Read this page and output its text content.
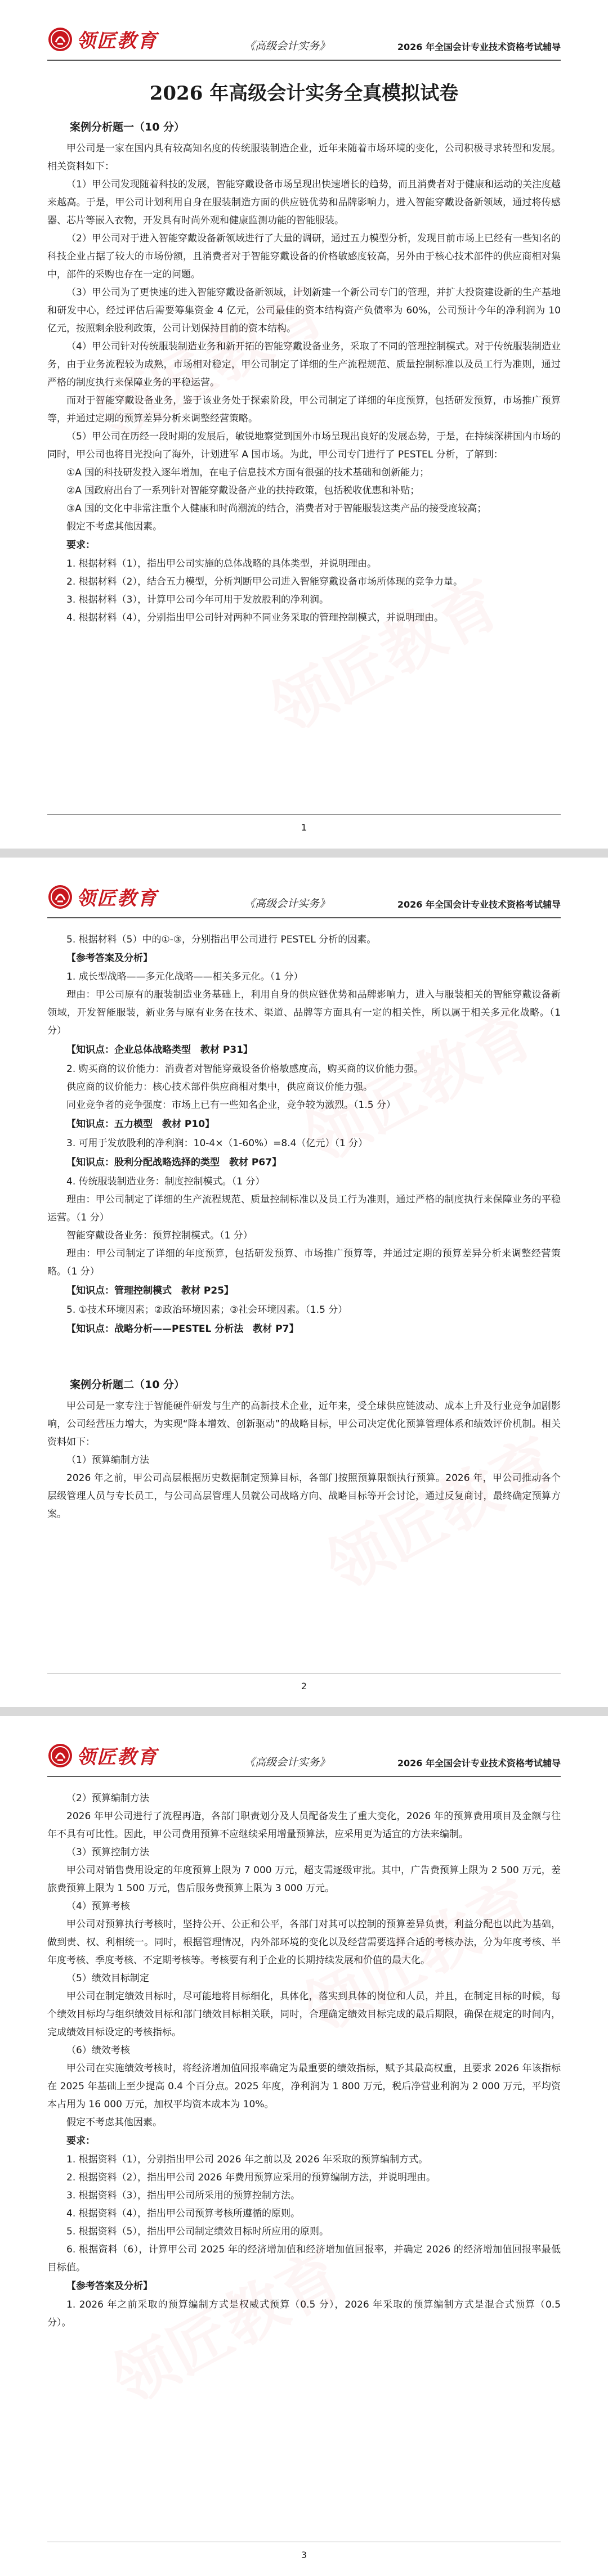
领匠教育	《高级会计实务》	2026 年全国会计专业技术资格考试辅导
2026 年高级会计实务全真模拟试卷
案例分析题一（10 分）

甲公司是一家在国内具有较高知名度的传统服装制造企业，近年来随着市场环境的变化，公司积极寻求转型和发展。相关资料如下：

（1）甲公司发现随着科技的发展，智能穿戴设备市场呈现出快速增长的趋势，而且消费者对于健康和运动的关注度越来越高。于是，甲公司计划利用自身在服装制造方面的供应链优势和品牌影响力，进入智能穿戴设备新领域，通过将传感器、芯片等嵌入衣物，开发具有时尚外观和健康监测功能的智能服装。

（2）甲公司对于进入智能穿戴设备新领域进行了大量的调研，通过五力模型分析，发现目前市场上已经有一些知名的科技企业占据了较大的市场份额，且消费者对于智能穿戴设备的价格敏感度较高，另外由于核心技术部件的供应商相对集中，部件的采购也存在一定的问题。

（3）甲公司为了更快速的进入智能穿戴设备新领域，计划新建一个新公司专门的管理，并扩大投资建设新的生产基地和研发中心，经过评估后需要筹集资金 4 亿元，公司最佳的资本结构资产负债率为 60%，公司预计今年的净利润为 10 亿元，按照剩余股利政策，公司计划保持目前的资本结构。

（4）甲公司针对传统服装制造业务和新开拓的智能穿戴设备业务，采取了不同的管理控制模式。对于传统服装制造业务，由于业务流程较为成熟，市场相对稳定，甲公司制定了详细的生产流程规范、质量控制标准以及员工行为准则，通过严格的制度执行来保障业务的平稳运营。

而对于智能穿戴设备业务，鉴于该业务处于探索阶段，甲公司制定了详细的年度预算，包括研发预算，市场推广预算等，并通过定期的预算差异分析来调整经营策略。

（5）甲公司在历经一段时期的发展后，敏锐地察觉到国外市场呈现出良好的发展态势，于是，在持续深耕国内市场的同时，甲公司也将目光投向了海外，计划进军 A 国市场。为此，甲公司专门进行了 PESTEL 分析，了解到：

①A 国的科技研发投入逐年增加，在电子信息技术方面有很强的技术基础和创新能力；

②A 国政府出台了一系列针对智能穿戴设备产业的扶持政策，包括税收优惠和补贴；

③A 国的文化中非常注重个人健康和时尚潮流的结合，消费者对于智能服装这类产品的接受度较高；

假定不考虑其他因素。

要求：

1. 根据材料（1），指出甲公司实施的总体战略的具体类型，并说明理由。

2. 根据材料（2），结合五力模型，分析判断甲公司进入智能穿戴设备市场所体现的竞争力量。

3. 根据材料（3），计算甲公司今年可用于发放股利的净利润。

4. 根据材料（4），分别指出甲公司针对两种不同业务采取的管理控制模式，并说明理由。

1
领匠教育	《高级会计实务》	2026 年全国会计专业技术资格考试辅导

5. 根据材料（5）中的①-③，分别指出甲公司进行 PESTEL 分析的因素。

【参考答案及分析】

1. 成长型战略——多元化战略——相关多元化。（1 分）

理由：甲公司原有的服装制造业务基础上，利用自身的供应链优势和品牌影响力，进入与服装相关的智能穿戴设备新领域，开发智能服装，新业务与原有业务在技术、渠道、品牌等方面具有一定的相关性，所以属于相关多元化战略。（1 分）

【知识点：企业总体战略类型　教材 P31】

2. 购买商的议价能力：消费者对智能穿戴设备价格敏感度高，购买商的议价能力强。

供应商的议价能力：核心技术部件供应商相对集中，供应商议价能力强。

同业竞争者的竞争强度：市场上已有一些知名企业，竞争较为激烈。（1.5 分）

【知识点：五力模型　教材 P10】

3. 可用于发放股利的净利润：10-4×（1-60%）=8.4（亿元）（1 分）

【知识点：股利分配战略选择的类型　教材 P67】

4. 传统服装制造业务：制度控制模式。（1 分）

理由：甲公司制定了详细的生产流程规范、质量控制标准以及员工行为准则，通过严格的制度执行来保障业务的平稳运营。（1 分）

智能穿戴设备业务：预算控制模式。（1 分）

理由：甲公司制定了详细的年度预算，包括研发预算、市场推广预算等，并通过定期的预算差异分析来调整经营策略。（1 分）

【知识点：管理控制模式　教材 P25】

5. ①技术环境因素；②政治环境因素；③社会环境因素。（1.5 分）

【知识点：战略分析——PESTEL 分析法　教材 P7】

案例分析题二（10 分）

甲公司是一家专注于智能硬件研发与生产的高新技术企业，近年来，受全球供应链波动、成本上升及行业竞争加剧影响，公司经营压力增大，为实现“降本增效、创新驱动”的战略目标，甲公司决定优化预算管理体系和绩效评价机制。相关资料如下：

（1）预算编制方法

2026 年之前，甲公司高层根据历史数据制定预算目标，各部门按照预算限额执行预算。2026 年，甲公司推动各个层级管理人员与专长员工，与公司高层管理人员就公司战略方向、战略目标等开会讨论，通过反复商讨，最终确定预算方案。

2
领匠教育	《高级会计实务》	2026 年全国会计专业技术资格考试辅导

（2）预算编制方法

2026 年甲公司进行了流程再造，各部门职责划分及人员配备发生了重大变化，2026 年的预算费用项目及金额与往年不具有可比性。因此，甲公司费用预算不应继续采用增量预算法，应采用更为适宜的方法来编制。

（3）预算控制方法

甲公司对销售费用设定的年度预算上限为 7 000 万元，超支需逐级审批。其中，广告费预算上限为 2 500 万元，差旅费预算上限为 1 500 万元，售后服务费预算上限为 3 000 万元。

（4）预算考核

甲公司对预算执行考核时，坚持公开、公正和公平，各部门对其可以控制的预算差异负责，利益分配也以此为基础，做到责、权、利相统一。同时，根据管理情况，内外部环境的变化以及经营需要选择合适的考核办法，分为年度考核、半年度考核、季度考核、不定期考核等。考核要有利于企业的长期持续发展和价值的最大化。

（5）绩效目标制定

甲公司在制定绩效目标时，尽可能地将目标细化，具体化，落实到具体的岗位和人员，并且，在制定目标的时候，每个绩效目标均与组织绩效目标和部门绩效目标相关联，同时，合理确定绩效目标完成的最后期限，确保在规定的时间内，完成绩效目标设定的考核指标。

（6）绩效考核

甲公司在实施绩效考核时，将经济增加值回报率确定为最重要的绩效指标，赋予其最高权重，且要求 2026 年该指标在 2025 年基础上至少提高 0.4 个百分点。2025 年度，净利润为 1 800 万元，税后净营业利润为 2 000 万元，平均资本占用为 16 000 万元，加权平均资本成本为 10%。

假定不考虑其他因素。

要求：

1. 根据资料（1），分别指出甲公司 2026 年之前以及 2026 年采取的预算编制方式。

2. 根据资料（2），指出甲公司 2026 年费用预算应采用的预算编制方法，并说明理由。

3. 根据资料（3），指出甲公司所采用的预算控制方法。

4. 根据资料（4），指出甲公司预算考核所遵循的原则。

5. 根据资料（5），指出甲公司制定绩效目标时所应用的原则。

6. 根据资料（6），计算甲公司 2025 年的经济增加值和经济增加值回报率，并确定 2026 的经济增加值回报率最低目标值。

【参考答案及分析】

1. 2026 年之前采取的预算编制方式是权威式预算（0.5 分），2026 年采取的预算编制方式是混合式预算（0.5 分）。

3
